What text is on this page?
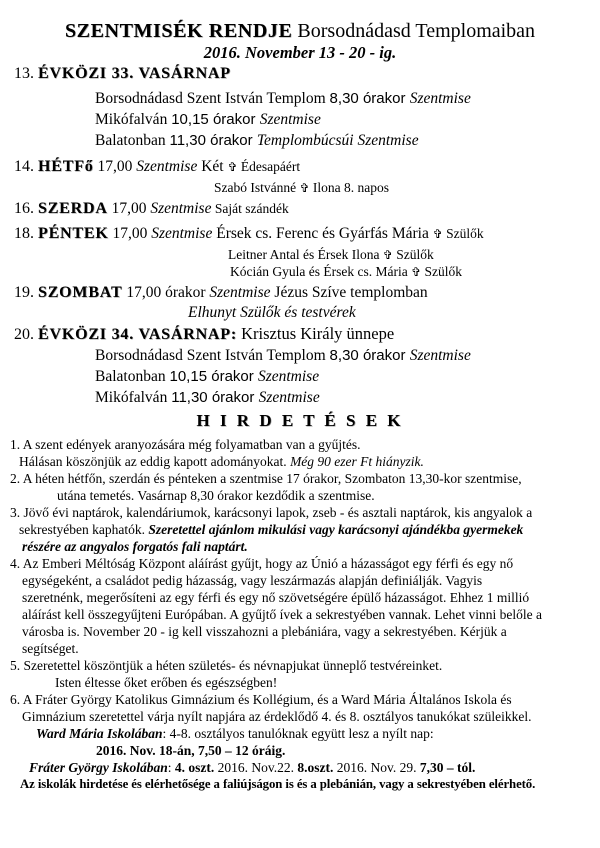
SZENTMISÉK RENDJE Borsodnádasd Templomaiban
2016. November 13 - 20 - ig.
13. ÉVKÖZI 33. VASÁRNAP
Borsodnádasd Szent István Templom 8,30 órakor Szentmise
Mikófalván 10,15 órakor Szentmise
Balatonban 11,30 órakor Templombúcsúi Szentmise
14. HÉTFő 17,00 Szentmise Két ✞ Édesapáért
Szabó Istvánné ✞ Ilona 8. napos
16. SZERDA 17,00 Szentmise Saját szándék
18. PÉNTEK 17,00 Szentmise Érsek cs. Ferenc és Gyárfás Mária ✞ Szülők
Leitner Antal és Érsek Ilona ✞ Szülők
Kócián Gyula és Érsek cs. Mária ✞ Szülők
19. SZOMBAT 17,00 órakor Szentmise Jézus Szíve templomban
Elhunyt Szülők és testvérek
20. ÉVKÖZI 34. VASÁRNAP: Krisztus Király ünnepe
Borsodnádasd Szent István Templom 8,30 órakor Szentmise
Balatonban 10,15 órakor Szentmise
Mikófalván 11,30 órakor Szentmise
H I R D E T É S E K
1. A szent edények aranyozására még folyamatban van a gyűjtés.
Hálásan köszönjük az eddig kapott adományokat. Még 90 ezer Ft hiányzik.
2. A héten hétfőn, szerdán és pénteken a szentmise 17 órakor, Szombaton 13,30-kor szentmise,
utána temetés. Vasárnap 8,30 órakor kezdődik a szentmise.
3. Jövő évi naptárok, kalendáriumok, karácsonyi lapok, zseb - és asztali naptárok, kis angyalok a
sekrestyében kaphatók. Szeretettel ajánlom mikulási vagy karácsonyi ajándékba gyermekek
részére az angyalos forgatós fali naptárt.
4. Az Emberi Méltóság Központ aláírást gyűjt, hogy az Únió a házasságot egy férfi és egy nő
egységeként, a családot pedig házasság, vagy leszármazás alapján definiálják. Vagyis
szeretnénk, megerősíteni az egy férfi és egy nő szövetségére épülő házasságot. Ehhez 1 millió
aláírást kell összegyűjteni Európában. A gyűjtő ívek a sekrestyében vannak. Lehet vinni belőle a
városba is. November 20 - ig kell visszahozni a plebániára, vagy a sekrestyében. Kérjük a
segítséget.
5. Szeretettel köszöntjük a héten születés- és névnapjukat ünneplő testvéreinket.
Isten éltesse őket erőben és egészségben!
6. A Fráter György Katolikus Gimnázium és Kollégium, és a Ward Mária Általános Iskola és
Gimnázium szeretettel várja nyílt napjára az érdeklődő 4. és 8. osztályos tanukókat szüleikkel.
Ward Mária Iskolában: 4-8. osztályos tanulóknak együtt lesz a nyílt nap:
2016. Nov. 18-án, 7,50 – 12 óráig.
Fráter György Iskolában: 4. oszt. 2016. Nov.22. 8.oszt. 2016. Nov. 29. 7,30 – tól.
Az iskolák hirdetése és elérhetősége a faliújságon is és a plebánián, vagy a sekrestyében elérhető.
